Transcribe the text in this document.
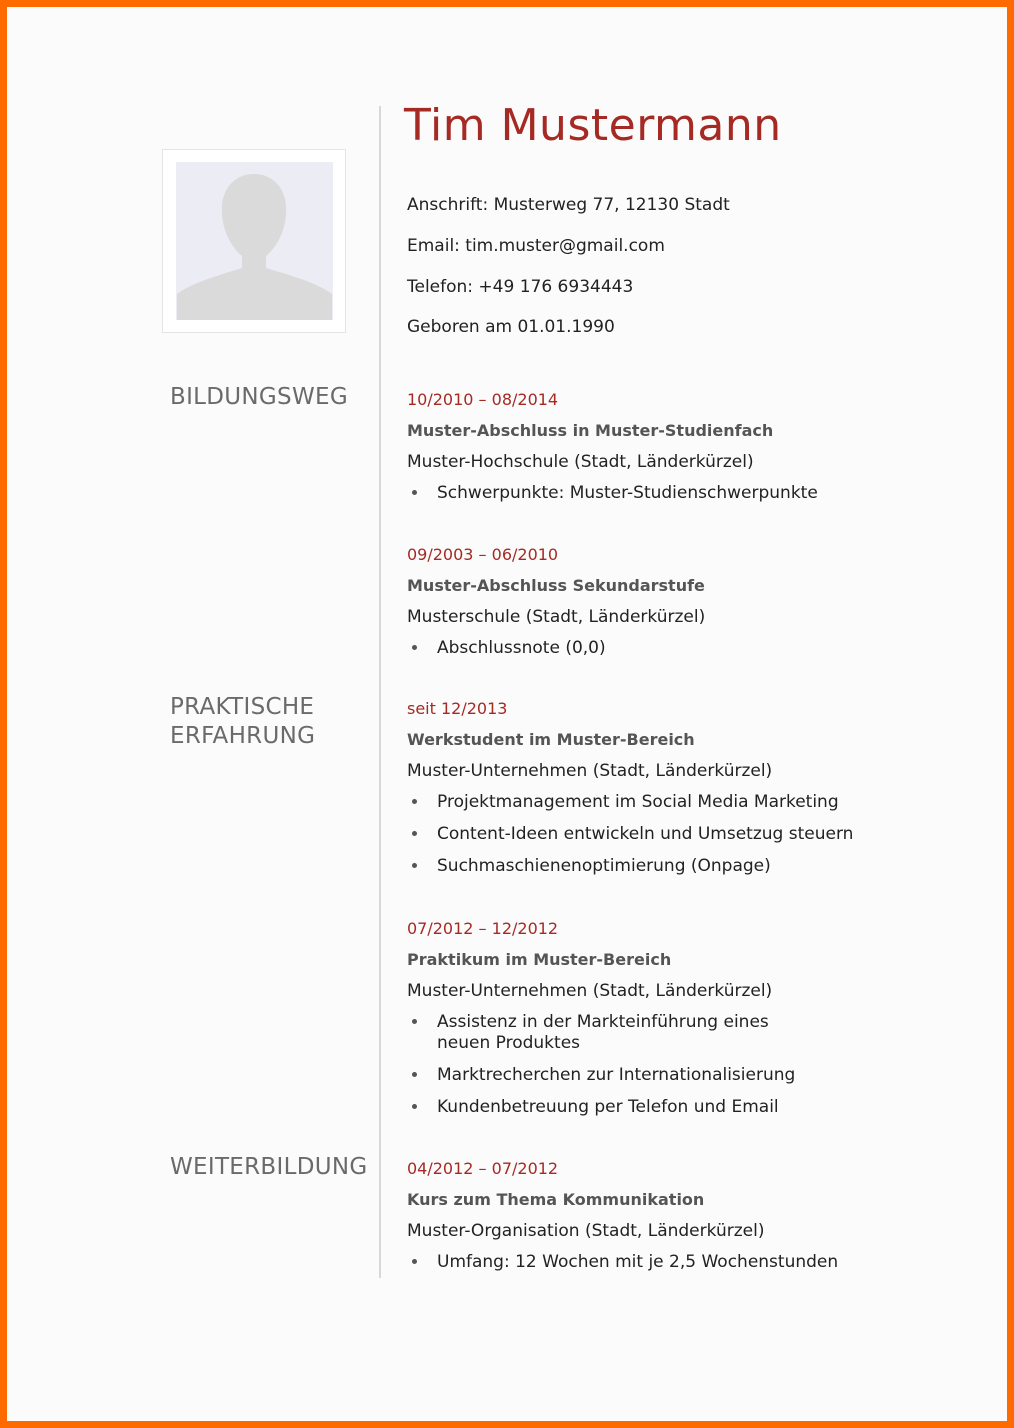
Tim Mustermann

Anschrift: Musterweg 77, 12130 Stadt

Email: tim.muster@gmail.com

Telefon: +49 176 6934443

Geboren am 01.01.1990

BILDUNGSWEG
PRAKTISCHE
ERFAHRUNG
WEITERBILDUNG
10/2010 – 08/2014
Muster-Abschluss in Muster-Studienfach
Muster-Hochschule (Stadt, Länderkürzel)
Schwerpunkte: Muster-Studienschwerpunkte
09/2003 – 06/2010
Muster-Abschluss Sekundarstufe
Musterschule (Stadt, Länderkürzel)
Abschlussnote (0,0)
seit 12/2013
Werkstudent im Muster-Bereich
Muster-Unternehmen (Stadt, Länderkürzel)
Projektmanagement im Social Media Marketing
Content-Ideen entwickeln und Umsetzug steuern
Suchmaschienenoptimierung (Onpage)
07/2012 – 12/2012
Praktikum im Muster-Bereich
Muster-Unternehmen (Stadt, Länderkürzel)
Assistenz in der Markteinführung eines neuen Produktes
Marktrecherchen zur Internationalisierung
Kundenbetreuung per Telefon und Email
04/2012 – 07/2012
Kurs zum Thema Kommunikation
Muster-Organisation (Stadt, Länderkürzel)
Umfang: 12 Wochen mit je 2,5 Wochenstunden
